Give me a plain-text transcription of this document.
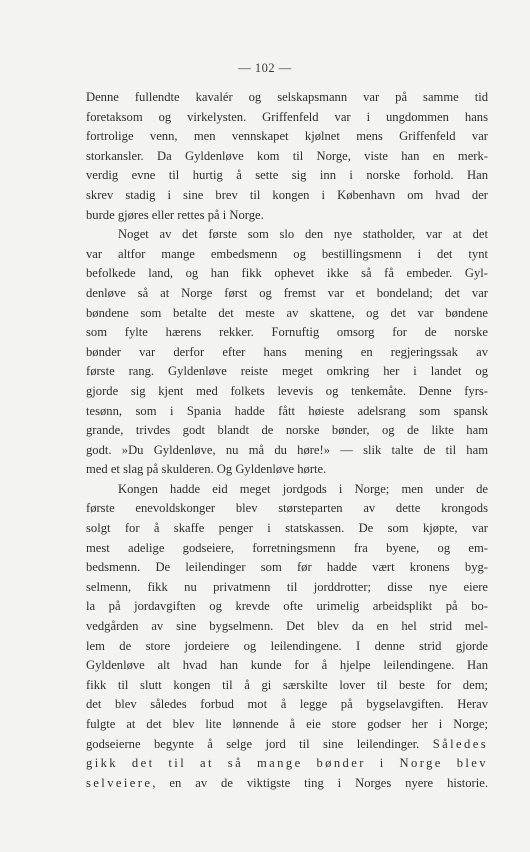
— 102 —
Denne fullendte kavalér og selskapsmann var på samme tid
foretaksom og virkelysten. Griffenfeld var i ungdommen hans
fortrolige venn, men vennskapet kjølnet mens Griffenfeld var
storkansler. Da Gyldenløve kom til Norge, viste han en merk-
verdig evne til hurtig å sette sig inn i norske forhold. Han
skrev stadig i sine brev til kongen i København om hvad der
burde gjøres eller rettes på i Norge.
Noget av det første som slo den nye statholder, var at det
var altfor mange embedsmenn og bestillingsmenn i det tynt
befolkede land, og han fikk ophevet ikke så få embeder. Gyl-
denløve så at Norge først og fremst var et bondeland; det var
bøndene som betalte det meste av skattene, og det var bøndene
som fylte hærens rekker. Fornuftig omsorg for de norske
bønder var derfor efter hans mening en regjeringssak av
første rang. Gyldenløve reiste meget omkring her i landet og
gjorde sig kjent med folkets levevis og tenkemåte. Denne fyrs-
tesønn, som i Spania hadde fått høieste adelsrang som spansk
grande, trivdes godt blandt de norske bønder, og de likte ham
godt. »Du Gyldenløve, nu må du høre!» — slik talte de til ham
med et slag på skulderen. Og Gyldenløve hørte.
Kongen hadde eid meget jordgods i Norge; men under de
første enevoldskonger blev størsteparten av dette krongods
solgt for å skaffe penger i statskassen. De som kjøpte, var
mest adelige godseiere, forretningsmenn fra byene, og em-
bedsmenn. De leilendinger som før hadde vært kronens byg-
selmenn, fikk nu privatmenn til jorddrotter; disse nye eiere
la på jordavgiften og krevde ofte urimelig arbeidsplikt på bo-
vedgården av sine bygselmenn. Det blev da en hel strid mel-
lem de store jordeiere og leilendingene. I denne strid gjorde
Gyldenløve alt hvad han kunde for å hjelpe leilendingene. Han
fikk til slutt kongen til å gi særskilte lover til beste for dem;
det blev således forbud mot å legge på bygselavgiften. Herav
fulgte at det blev lite lønnende å eie store godser her i Norge;
godseierne begynte å selge jord til sine leilendinger. Således
gikk det til at så mange bønder i Norge blev
selveiere, en av de viktigste ting i Norges nyere historie.
